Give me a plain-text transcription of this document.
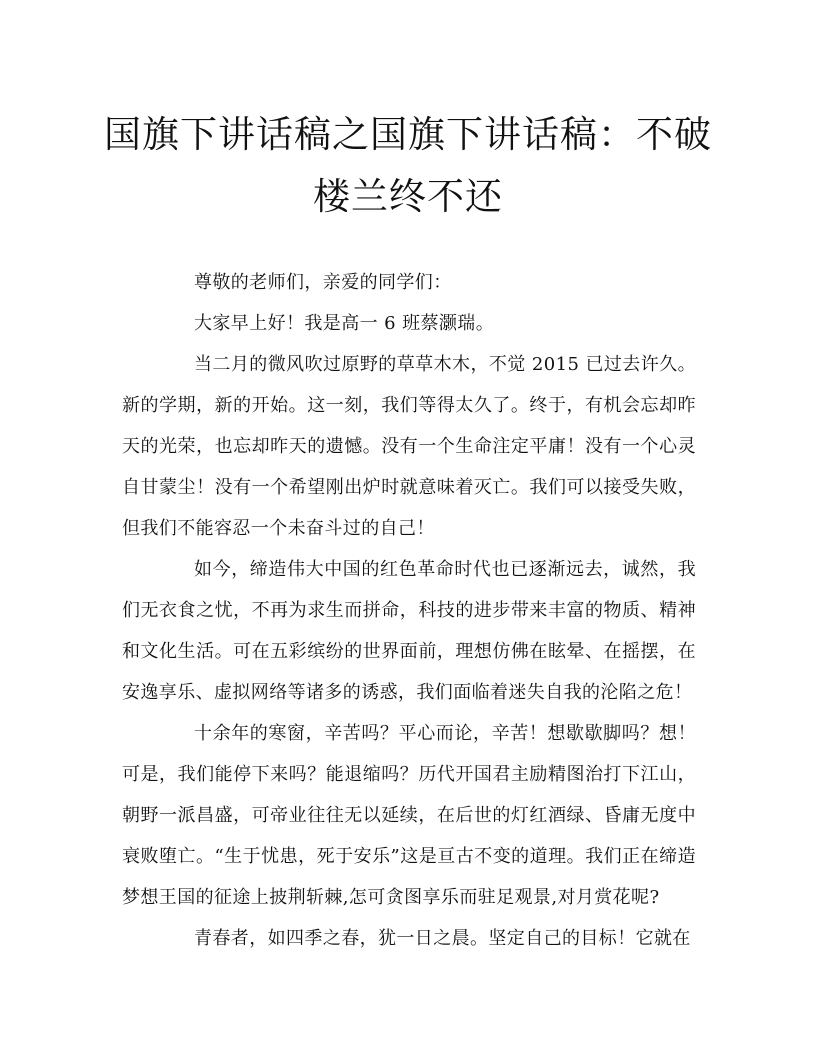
国旗下讲话稿之国旗下讲话稿：不破楼兰终不还

尊敬的老师们，亲爱的同学们：

大家早上好！我是高一 6 班蔡灏瑞。

当二月的微风吹过原野的草草木木，不觉 2015 已过去许久。新的学期，新的开始。这一刻，我们等得太久了。终于，有机会忘却昨天的光荣，也忘却昨天的遗憾。没有一个生命注定平庸！没有一个心灵自甘蒙尘！没有一个希望刚出炉时就意味着灭亡。我们可以接受失败，但我们不能容忍一个未奋斗过的自己！

如今，缔造伟大中国的红色革命时代也已逐渐远去，诚然，我们无衣食之忧，不再为求生而拼命，科技的进步带来丰富的物质、精神和文化生活。可在五彩缤纷的世界面前，理想仿佛在眩晕、在摇摆，在安逸享乐、虚拟网络等诸多的诱惑，我们面临着迷失自我的沦陷之危！

十余年的寒窗，辛苦吗？平心而论，辛苦！想歇歇脚吗？想！可是，我们能停下来吗？能退缩吗？历代开国君主励精图治打下江山，朝野一派昌盛，可帝业往往无以延续，在后世的灯红酒绿、昏庸无度中衰败堕亡。“生于忧患，死于安乐”这是亘古不变的道理。我们正在缔造梦想王国的征途上披荆斩棘,怎可贪图享乐而驻足观景,对月赏花呢?

青春者，如四季之春，犹一日之晨。坚定自己的目标！它就在
